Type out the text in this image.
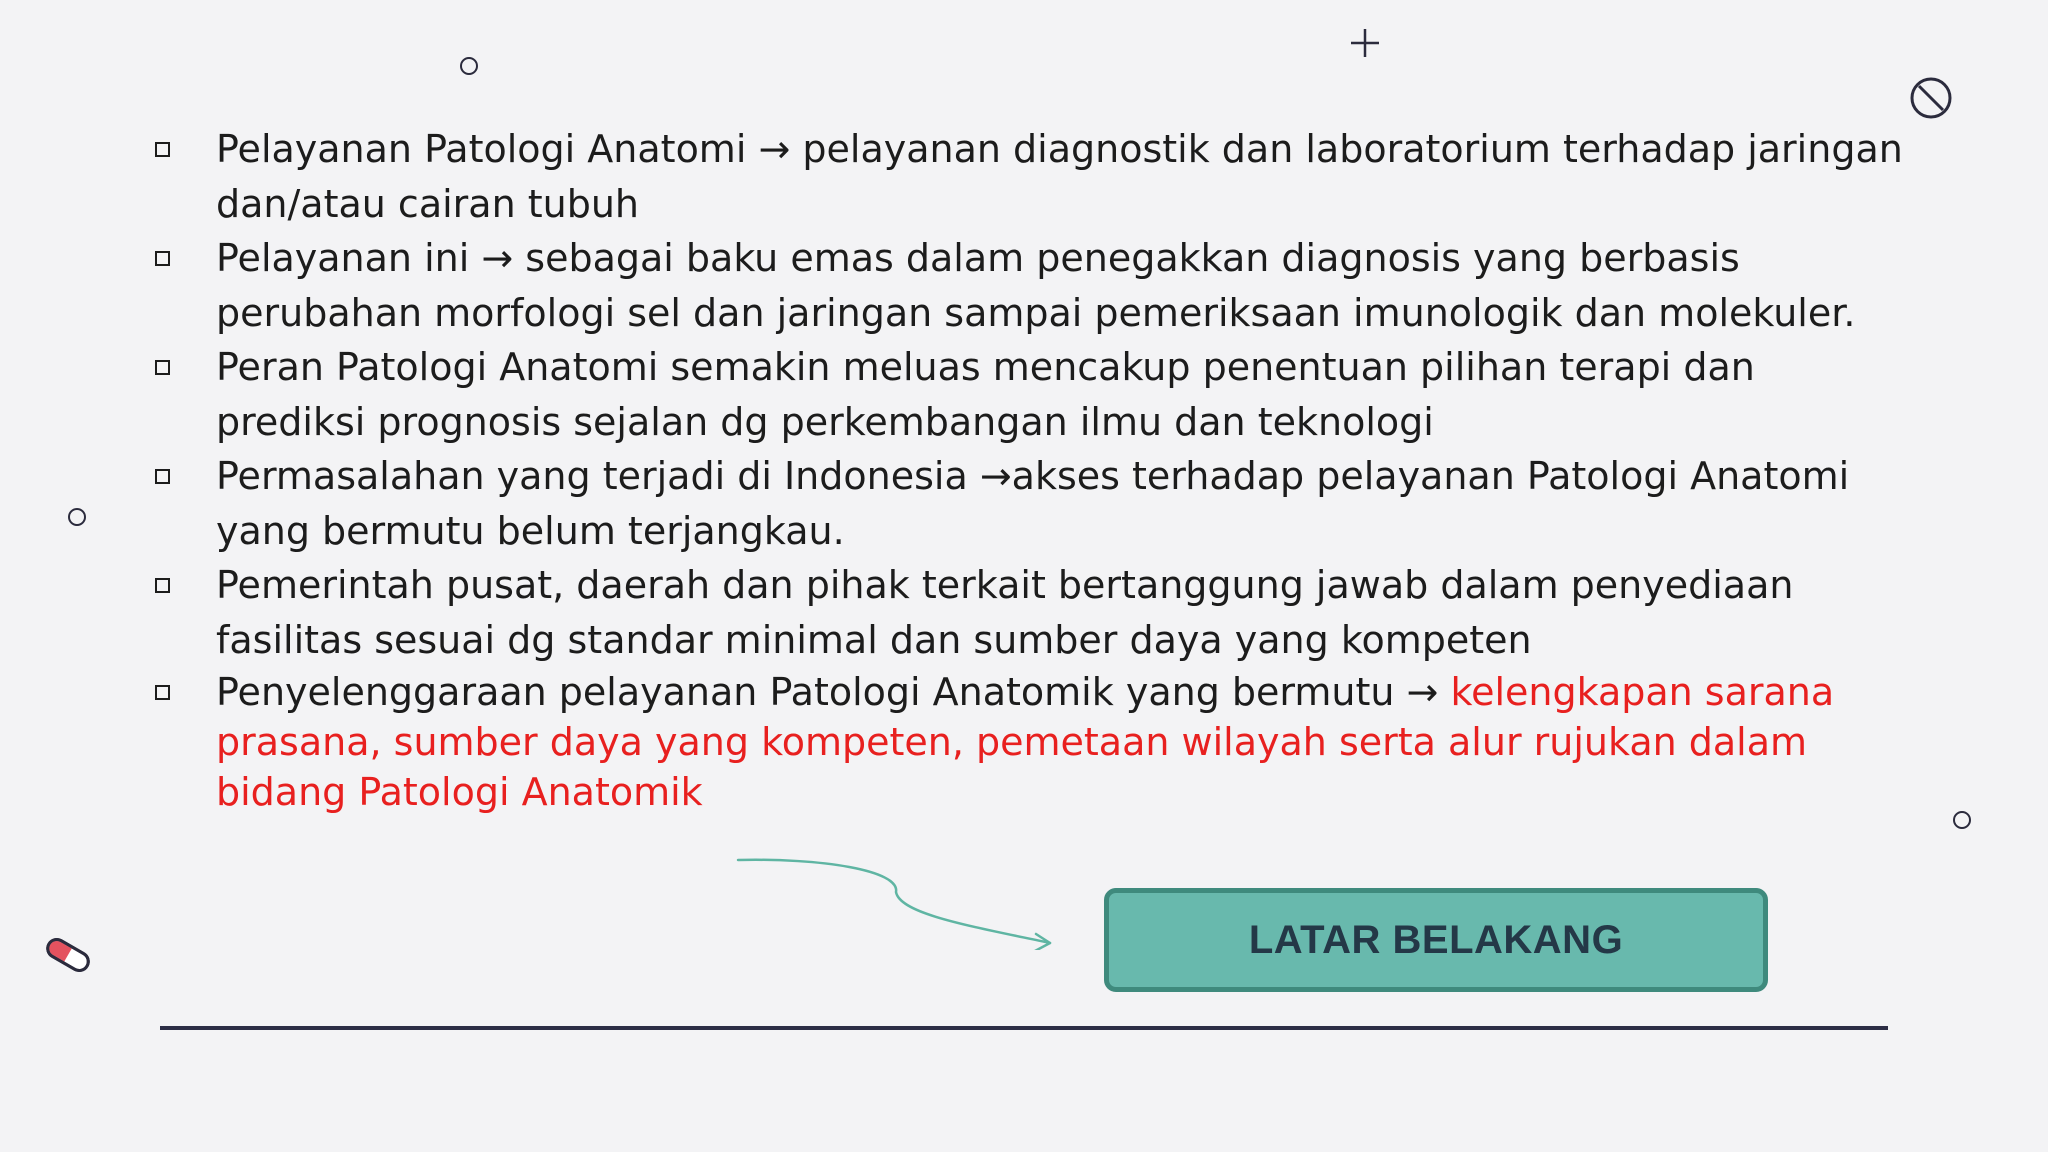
Pelayanan Patologi Anatomi → pelayanan diagnostik dan laboratorium terhadap jaringan dan/atau cairan tubuh
Pelayanan ini → sebagai baku emas dalam penegakkan diagnosis yang berbasis perubahan morfologi sel dan jaringan sampai pemeriksaan imunologik dan molekuler.
Peran Patologi Anatomi semakin meluas mencakup penentuan pilihan terapi dan prediksi prognosis sejalan dg perkembangan ilmu dan teknologi
Permasalahan yang terjadi di Indonesia →akses terhadap pelayanan Patologi Anatomi yang bermutu belum terjangkau.
Pemerintah pusat, daerah dan pihak terkait bertanggung jawab dalam penyediaan fasilitas sesuai dg standar minimal dan sumber daya yang kompeten
Penyelenggaraan pelayanan Patologi Anatomik yang bermutu → kelengkapan sarana prasana, sumber daya yang kompeten, pemetaan wilayah serta alur rujukan dalam bidang Patologi Anatomik
LATAR BELAKANG
